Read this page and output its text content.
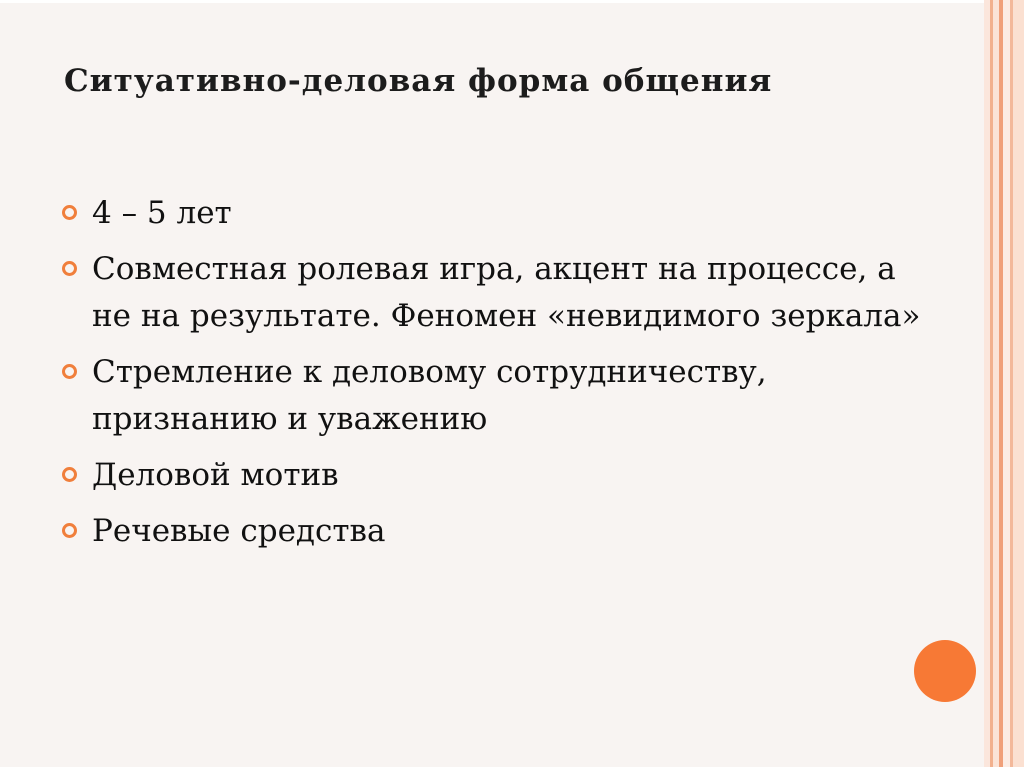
Ситуативно-деловая форма общения
4 – 5 лет
Совместная ролевая игра, акцент на процессе, а не на результате. Феномен «невидимого зеркала»
Стремление к деловому сотрудничеству, признанию и уважению
Деловой мотив
Речевые средства
